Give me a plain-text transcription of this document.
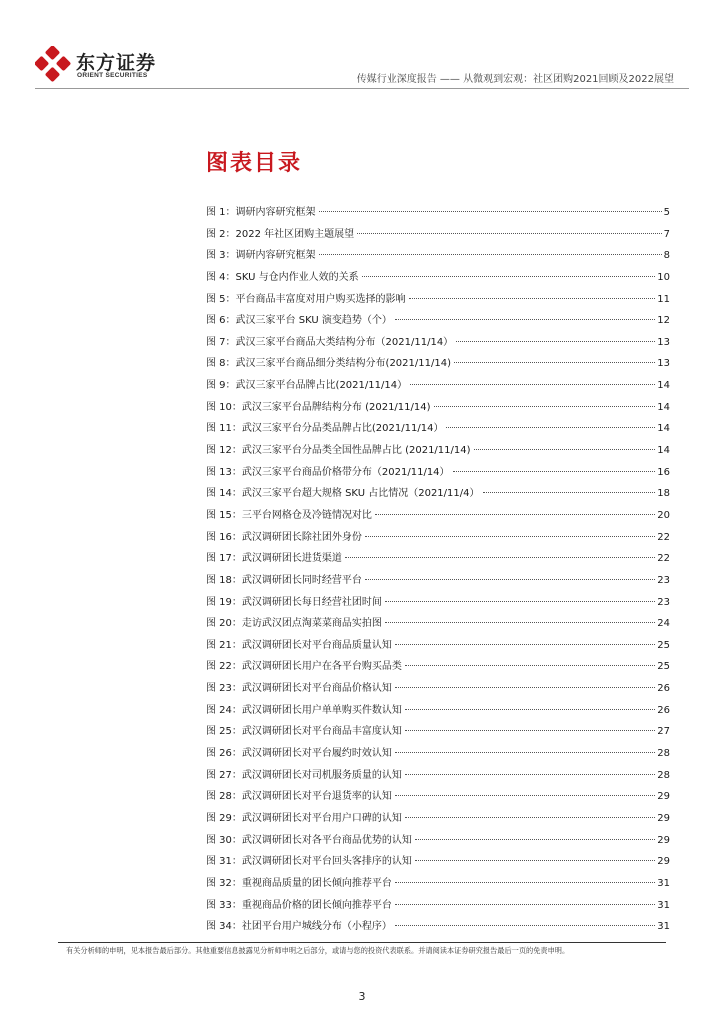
东方证券
ORIENT SECURITIES	传媒行业深度报告 —— 从微观到宏观：社区团购2021回顾及2022展望
图表目录
图 1： 调研内容研究框架	5
图 2： 2022 年社区团购主题展望	7
图 3： 调研内容研究框架	8
图 4： SKU 与仓内作业人效的关系	10
图 5： 平台商品丰富度对用户购买选择的影响	11
图 6： 武汉三家平台 SKU 演变趋势（个）	12
图 7： 武汉三家平台商品大类结构分布（2021/11/14）	13
图 8： 武汉三家平台商品细分类结构分布(2021/11/14)	13
图 9： 武汉三家平台品牌占比(2021/11/14）	14
图 10： 武汉三家平台品牌结构分布 (2021/11/14)	14
图 11： 武汉三家平台分品类品牌占比(2021/11/14）	14
图 12： 武汉三家平台分品类全国性品牌占比 (2021/11/14)	14
图 13： 武汉三家平台商品价格带分布（2021/11/14）	16
图 14： 武汉三家平台超大规格 SKU 占比情况（2021/11/4）	18
图 15： 三平台网格仓及冷链情况对比	20
图 16： 武汉调研团长除社团外身份	22
图 17： 武汉调研团长进货渠道	22
图 18： 武汉调研团长同时经营平台	23
图 19： 武汉调研团长每日经营社团时间	23
图 20： 走访武汉团点淘菜菜商品实拍图	24
图 21： 武汉调研团长对平台商品质量认知	25
图 22： 武汉调研团长用户在各平台购买品类	25
图 23： 武汉调研团长对平台商品价格认知	26
图 24： 武汉调研团长用户单单购买件数认知	26
图 25： 武汉调研团长对平台商品丰富度认知	27
图 26： 武汉调研团长对平台履约时效认知	28
图 27： 武汉调研团长对司机服务质量的认知	28
图 28： 武汉调研团长对平台退货率的认知	29
图 29： 武汉调研团长对平台用户口碑的认知	29
图 30： 武汉调研团长对各平台商品优势的认知	29
图 31： 武汉调研团长对平台回头客排序的认知	29
图 32： 重视商品质量的团长倾向推荐平台	31
图 33： 重视商品价格的团长倾向推荐平台	31
图 34： 社团平台用户城线分布（小程序）	31
有关分析师的申明，见本报告最后部分。其他重要信息披露见分析师申明之后部分，或请与您的投资代表联系。并请阅读本证券研究报告最后一页的免责申明。
3
